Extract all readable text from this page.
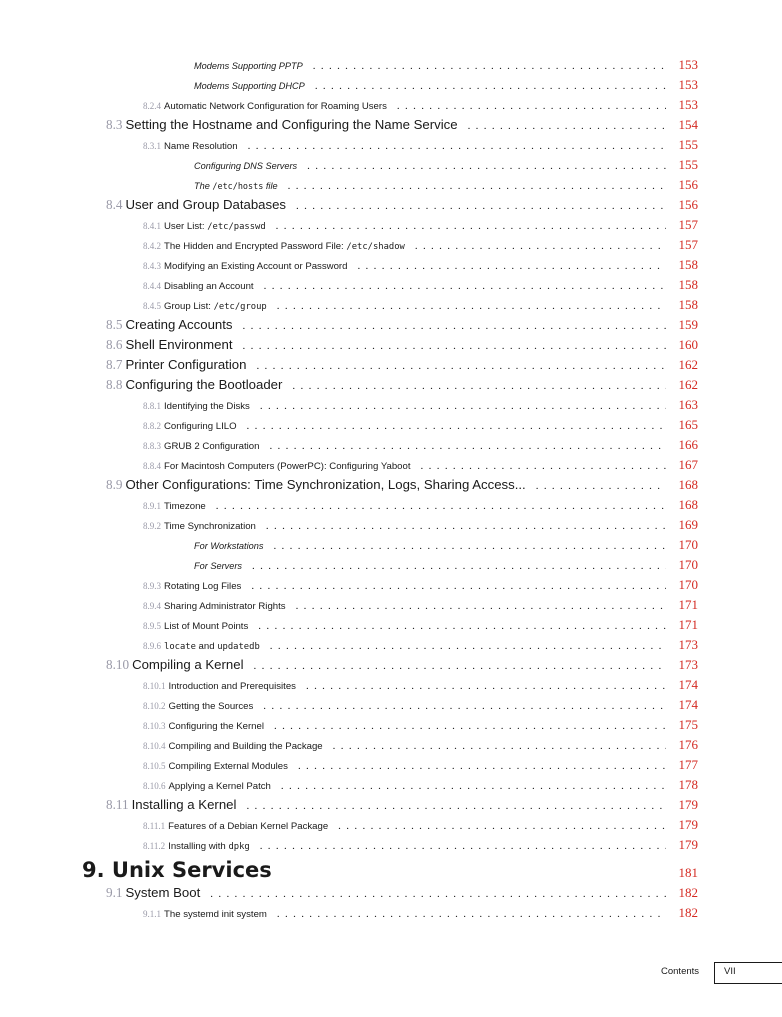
Modems Supporting PPTP . . .	153
Modems Supporting DHCP . . .	153
8.2.4 Automatic Network Configuration for Roaming Users . . .	153
8.3 Setting the Hostname and Configuring the Name Service . . .	154
8.3.1 Name Resolution . . .	155
Configuring DNS Servers . . .	155
The /etc/hosts file . . .	156
8.4 User and Group Databases . . .	156
8.4.1 User List: /etc/passwd . . .	157
8.4.2 The Hidden and Encrypted Password File: /etc/shadow . . .	157
8.4.3 Modifying an Existing Account or Password . . .	158
8.4.4 Disabling an Account . . .	158
8.4.5 Group List: /etc/group . . .	158
8.5 Creating Accounts . . .	159
8.6 Shell Environment . . .	160
8.7 Printer Configuration . . .	162
8.8 Configuring the Bootloader . . .	162
8.8.1 Identifying the Disks . . .	163
8.8.2 Configuring LILO . . .	165
8.8.3 GRUB 2 Configuration . . .	166
8.8.4 For Macintosh Computers (PowerPC): Configuring Yaboot . . .	167
8.9 Other Configurations: Time Synchronization, Logs, Sharing Access... . . .	168
8.9.1 Timezone . . .	168
8.9.2 Time Synchronization . . .	169
For Workstations . . .	170
For Servers . . .	170
8.9.3 Rotating Log Files . . .	170
8.9.4 Sharing Administrator Rights . . .	171
8.9.5 List of Mount Points . . .	171
8.9.6 locate and updatedb . . .	173
8.10 Compiling a Kernel . . .	173
8.10.1 Introduction and Prerequisites . . .	174
8.10.2 Getting the Sources . . .	174
8.10.3 Configuring the Kernel . . .	175
8.10.4 Compiling and Building the Package . . .	176
8.10.5 Compiling External Modules . . .	177
8.10.6 Applying a Kernel Patch . . .	178
8.11 Installing a Kernel . . .	179
8.11.1 Features of a Debian Kernel Package . . .	179
8.11.2 Installing with dpkg . . .	179
9. Unix Services	181
9.1 System Boot . . .	182
9.1.1 The systemd init system . . .	182
Contents	VII
